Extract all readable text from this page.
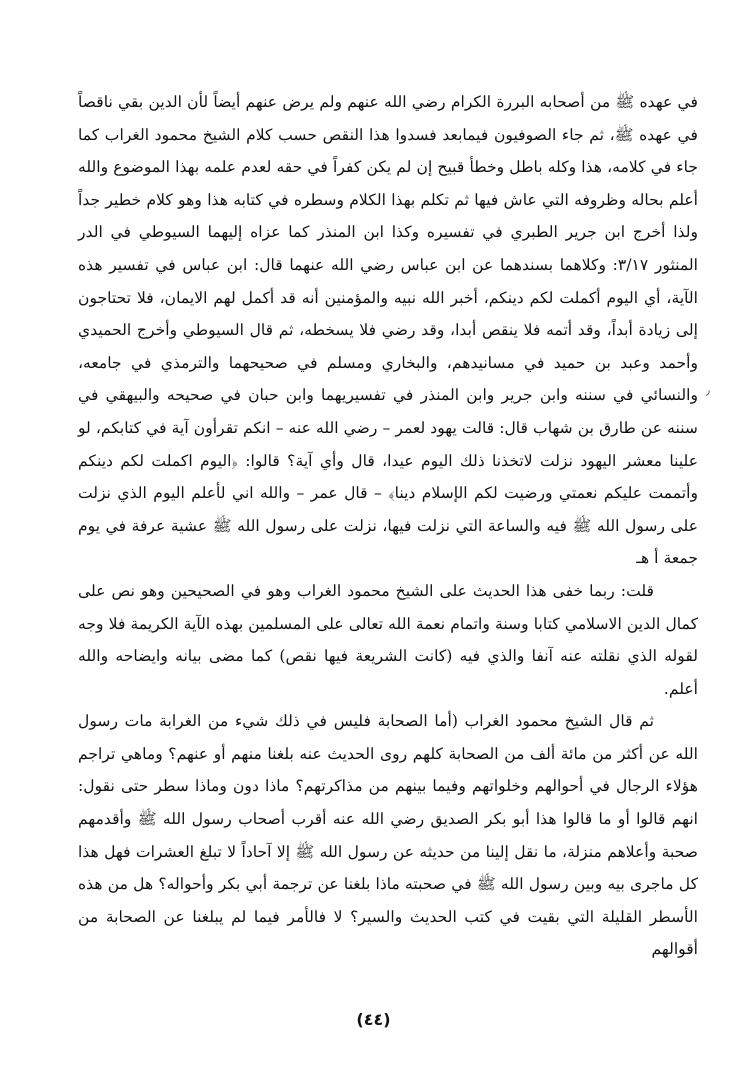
في عهده ﷺ من أصحابه البررة الكرام رضي الله عنهم ولم يرض عنهم أيضاً لأن الدين بقي ناقصاً في عهده ﷺ، ثم جاء الصوفيون فيمابعد فسدوا هذا النقص حسب كلام الشيخ محمود الغراب كما جاء في كلامه، هذا وكله باطل وخطأ قبيح إن لم يكن كفراً في حقه لعدم علمه بهذا الموضوع والله أعلم بحاله وظروفه التي عاش فيها ثم تكلم بهذا الكلام وسطره في كتابه هذا وهو كلام خطير جداً ولذا أخرج ابن جرير الطبري في تفسيره وكذا ابن المنذر كما عزاه إليهما السيوطي في الدر المنثور ٣/١٧: وكلاهما بسندهما عن ابن عباس رضي الله عنهما قال: ابن عباس في تفسير هذه الآية، أي اليوم أكملت لكم دينكم، أخبر الله نبيه والمؤمنين أنه قد أكمل لهم الايمان، فلا تحتاجون إلى زيادة أبداً، وقد أتمه فلا ينقص أبدا، وقد رضي فلا يسخطه، ثم قال السيوطي وأخرج الحميدي وأحمد وعبد بن حميد في مسانيدهم، والبخاري ومسلم في صحيحهما والترمذي في جامعه، والنسائي في سننه وابن جرير وابن المنذر في تفسيريهما وابن حبان في صحيحه والبيهقي في سننه عن طارق بن شهاب قال: قالت يهود لعمر – رضي الله عنه – انكم تقرأون آية في كتابكم، لو علينا معشر اليهود نزلت لاتخذنا ذلك اليوم عيدا، قال وأي آية؟ قالوا: ﴿اليوم اكملت لكم دينكم وأتممت عليكم نعمتي ورضيت لكم الإسلام دينا﴾ – قال عمر – والله اني لأعلم اليوم الذي نزلت على رسول الله ﷺ فيه والساعة التي نزلت فيها، نزلت على رسول الله ﷺ عشية عرفة في يوم جمعة أ هـ

قلت: ربما خفى هذا الحديث على الشيخ محمود الغراب وهو في الصحيحين وهو نص على كمال الدين الاسلامي كتابا وسنة واتمام نعمة الله تعالى على المسلمين بهذه الآية الكريمة فلا وجه لقوله الذي نقلته عنه آنفا والذي فيه (كانت الشريعة فيها نقص) كما مضى بيانه وايضاحه والله أعلم.

ثم قال الشيخ محمود الغراب (أما الصحابة فليس في ذلك شيء من الغرابة مات رسول الله عن أكثر من مائة ألف من الصحابة كلهم روى الحديث عنه بلغنا منهم أو عنهم؟ وماهي تراجم هؤلاء الرجال في أحوالهم وخلواتهم وفيما بينهم من مذاكرتهم؟ ماذا دون وماذا سطر حتى نقول: انهم قالوا أو ما قالوا هذا أبو بكر الصديق رضي الله عنه أقرب أصحاب رسول الله ﷺ وأقدمهم صحبة وأعلاهم منزلة، ما نقل إلينا من حديثه عن رسول الله ﷺ إلا آحاداً لا تبلغ العشرات فهل هذا كل ماجرى بيه وبين رسول الله ﷺ في صحبته ماذا بلغنا عن ترجمة أبي بكر وأحواله؟ هل من هذه الأسطر القليلة التي بقيت في كتب الحديث والسير؟ لا فالأمر فيما لم يبلغنا عن الصحابة من أقوالهم

٫
(٤٤)
